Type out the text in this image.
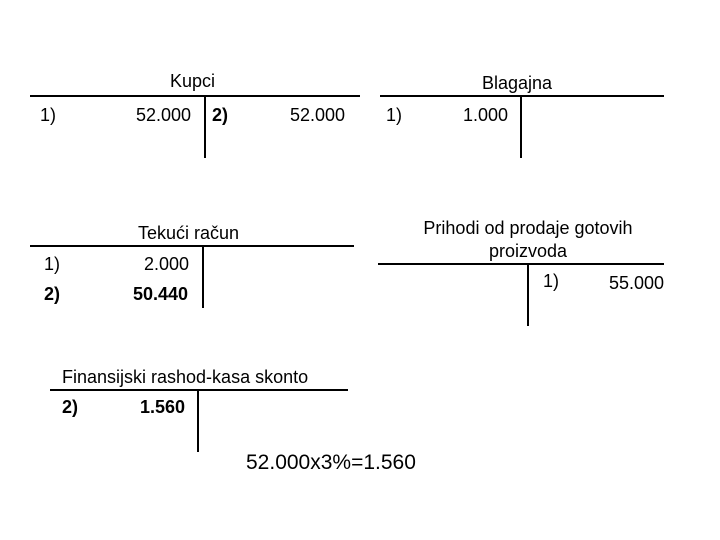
Kupci
1)	52.000 2)	52.000
Blagajna
1)	1.000
Tekući račun
1)	2.000
2)	50.440
Prihodi od prodaje gotovih
proizvoda
1)	55.000
Finansijski rashod-kasa skonto
2)	1.560
52.000x3%=1.560
